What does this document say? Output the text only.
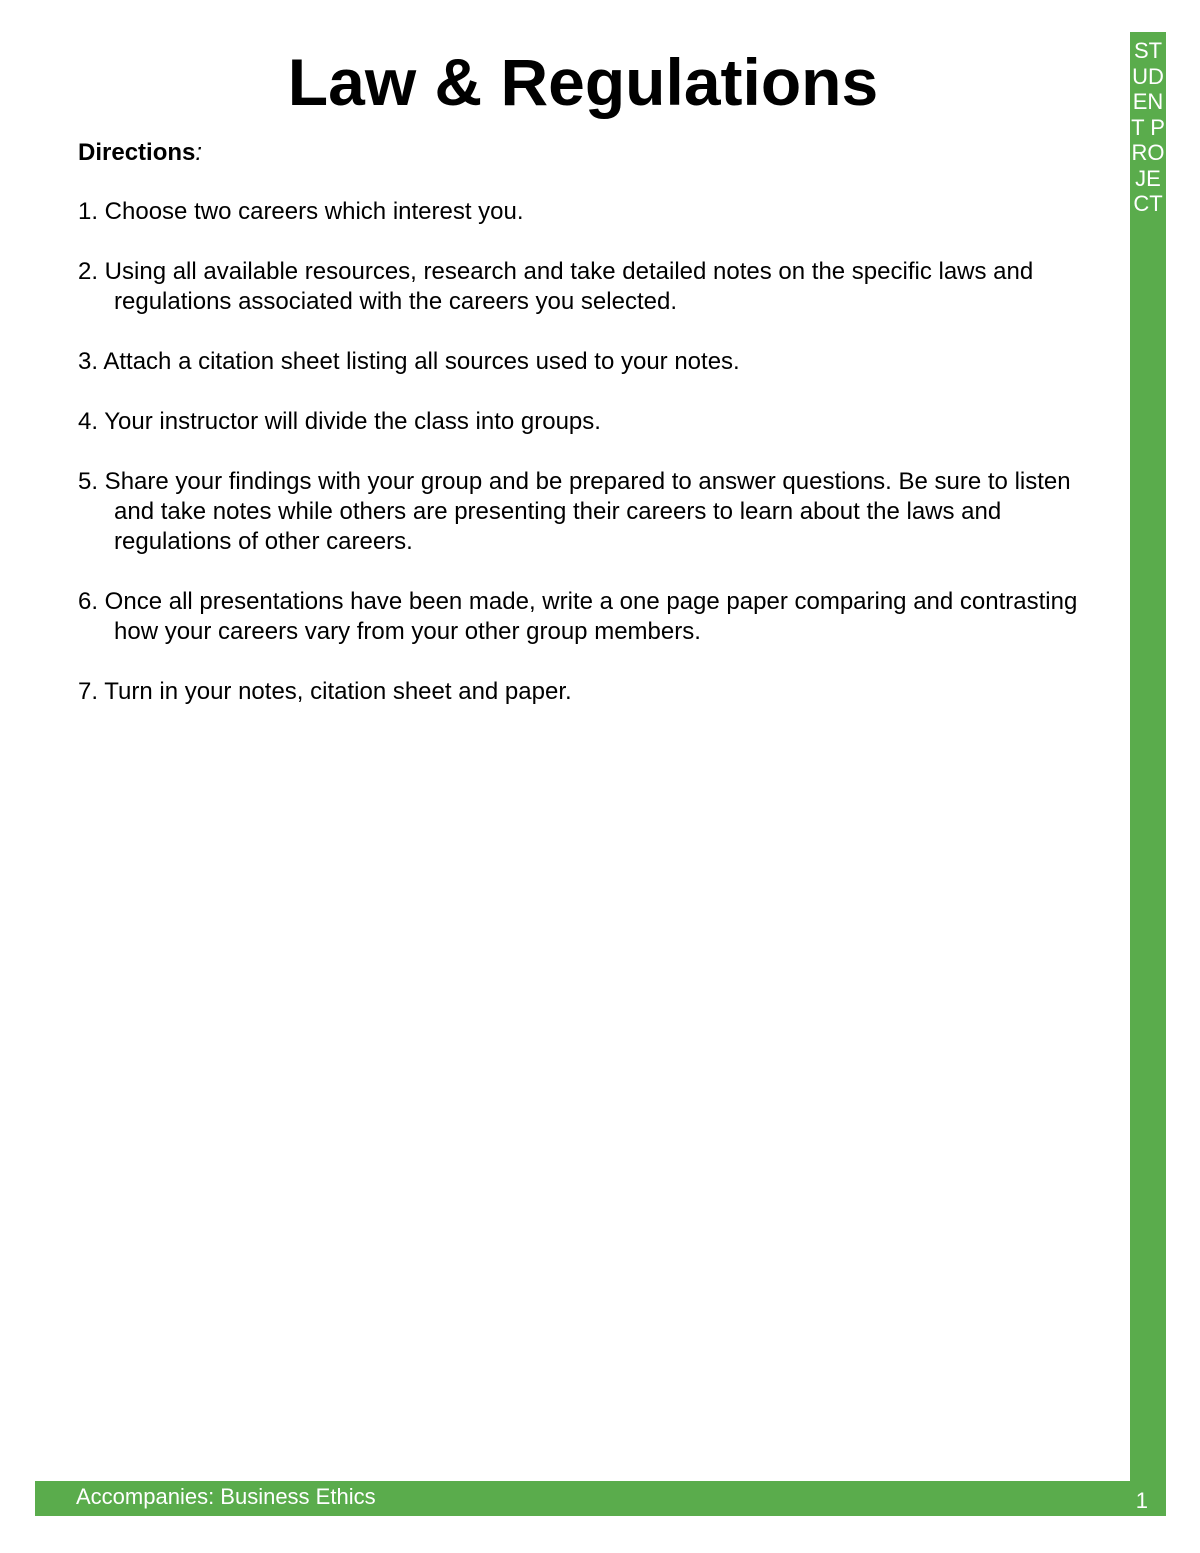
Law & Regulations

Directions:

1. Choose two careers which interest you.
2. Using all available resources, research and take detailed notes on the specific laws and regulations associated with the careers you selected.
3. Attach a citation sheet listing all sources used to your notes.
4. Your instructor will divide the class into groups.
5. Share your findings with your group and be prepared to answer questions. Be sure to listen and take notes while others are presenting their careers to learn about the laws and regulations of other careers.
6. Once all presentations have been made, write a one page paper comparing and contrasting how your careers vary from your other group members.
7. Turn in your notes, citation sheet and paper.
STUDENT PROJECT
Accompanies: Business Ethics	1
